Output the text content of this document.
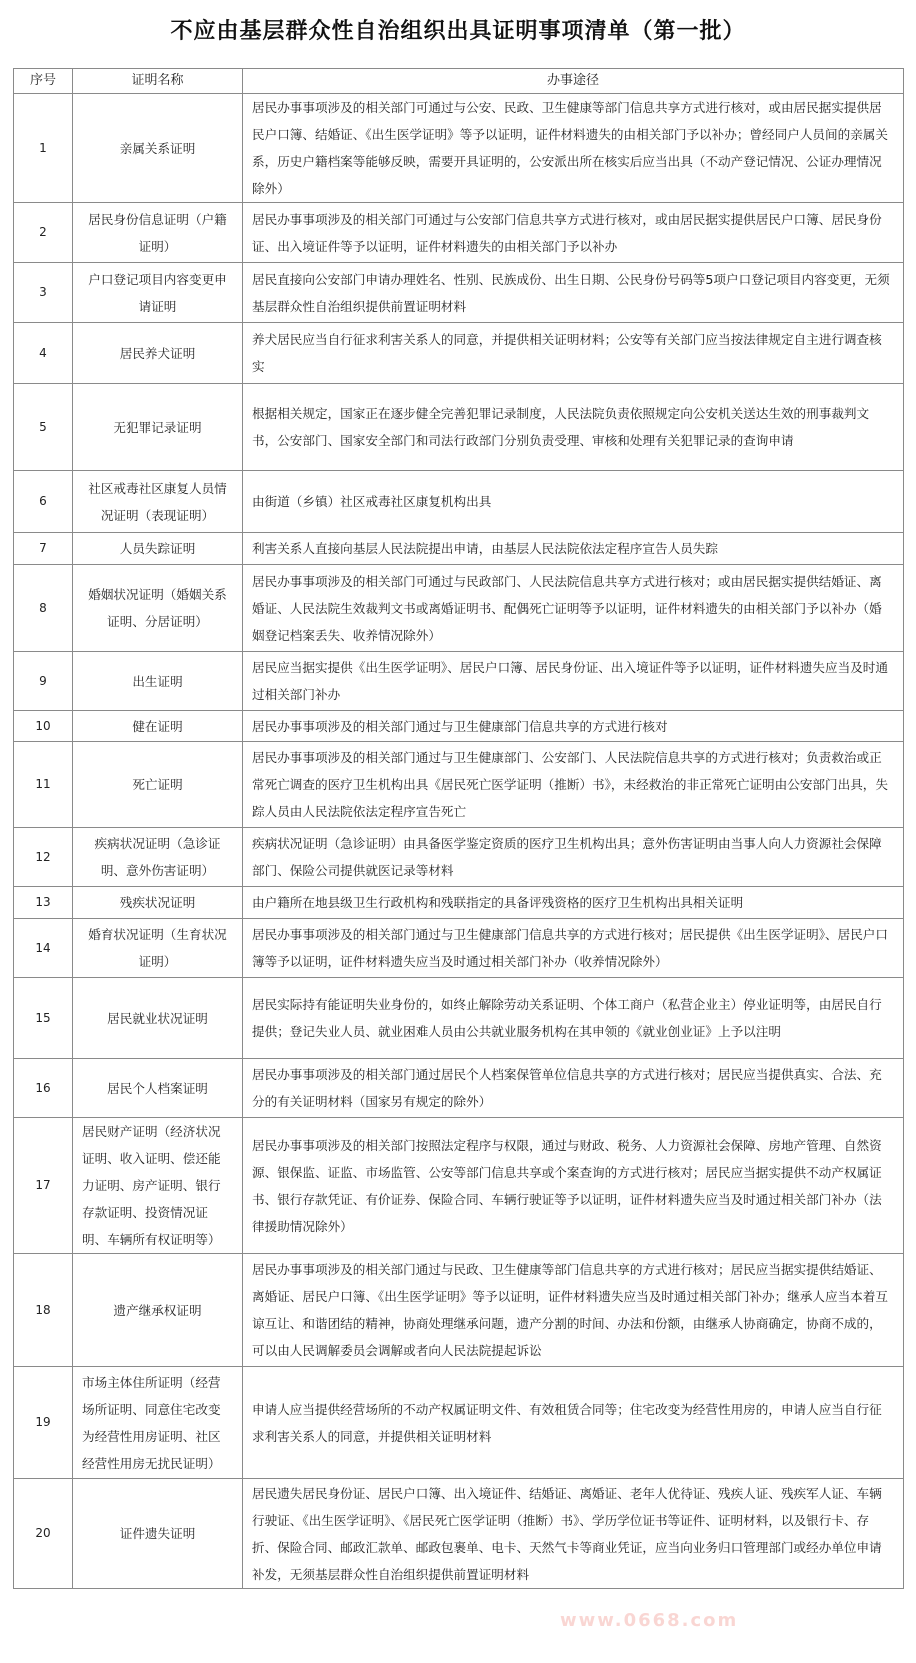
不应由基层群众性自治组织出具证明事项清单（第一批）
序号	证明名称	办事途径
1	亲属关系证明	居民办事事项涉及的相关部门可通过与公安、民政、卫生健康等部门信息共享方式进行核对，或由居民据实提供居民户口簿、结婚证、《出生医学证明》等予以证明，证件材料遗失的由相关部门予以补办；曾经同户人员间的亲属关系，历史户籍档案等能够反映，需要开具证明的，公安派出所在核实后应当出具（不动产登记情况、公证办理情况除外）
2	居民身份信息证明（户籍证明）	居民办事事项涉及的相关部门可通过与公安部门信息共享方式进行核对，或由居民据实提供居民户口簿、居民身份证、出入境证件等予以证明，证件材料遗失的由相关部门予以补办
3	户口登记项目内容变更申请证明	居民直接向公安部门申请办理姓名、性别、民族成份、出生日期、公民身份号码等5项户口登记项目内容变更，无须基层群众性自治组织提供前置证明材料
4	居民养犬证明	养犬居民应当自行征求利害关系人的同意，并提供相关证明材料；公安等有关部门应当按法律规定自主进行调查核实
5	无犯罪记录证明	根据相关规定，国家正在逐步健全完善犯罪记录制度，人民法院负责依照规定向公安机关送达生效的刑事裁判文书，公安部门、国家安全部门和司法行政部门分别负责受理、审核和处理有关犯罪记录的查询申请
6	社区戒毒社区康复人员情况证明（表现证明）	由街道（乡镇）社区戒毒社区康复机构出具
7	人员失踪证明	利害关系人直接向基层人民法院提出申请，由基层人民法院依法定程序宣告人员失踪
8	婚姻状况证明（婚姻关系证明、分居证明）	居民办事事项涉及的相关部门可通过与民政部门、人民法院信息共享方式进行核对；或由居民据实提供结婚证、离婚证、人民法院生效裁判文书或离婚证明书、配偶死亡证明等予以证明，证件材料遗失的由相关部门予以补办（婚姻登记档案丢失、收养情况除外）
9	出生证明	居民应当据实提供《出生医学证明》、居民户口簿、居民身份证、出入境证件等予以证明，证件材料遗失应当及时通过相关部门补办
10	健在证明	居民办事事项涉及的相关部门通过与卫生健康部门信息共享的方式进行核对
11	死亡证明	居民办事事项涉及的相关部门通过与卫生健康部门、公安部门、人民法院信息共享的方式进行核对；负责救治或正常死亡调查的医疗卫生机构出具《居民死亡医学证明（推断）书》，未经救治的非正常死亡证明由公安部门出具，失踪人员由人民法院依法定程序宣告死亡
12	疾病状况证明（急诊证明、意外伤害证明）	疾病状况证明（急诊证明）由具备医学鉴定资质的医疗卫生机构出具；意外伤害证明由当事人向人力资源社会保障部门、保险公司提供就医记录等材料
13	残疾状况证明	由户籍所在地县级卫生行政机构和残联指定的具备评残资格的医疗卫生机构出具相关证明
14	婚育状况证明（生育状况证明）	居民办事事项涉及的相关部门通过与卫生健康部门信息共享的方式进行核对；居民提供《出生医学证明》、居民户口簿等予以证明，证件材料遗失应当及时通过相关部门补办（收养情况除外）
15	居民就业状况证明	居民实际持有能证明失业身份的，如终止解除劳动关系证明、个体工商户（私营企业主）停业证明等，由居民自行提供；登记失业人员、就业困难人员由公共就业服务机构在其申领的《就业创业证》上予以注明
16	居民个人档案证明	居民办事事项涉及的相关部门通过居民个人档案保管单位信息共享的方式进行核对；居民应当提供真实、合法、充分的有关证明材料（国家另有规定的除外）
17	居民财产证明（经济状况证明、收入证明、偿还能力证明、房产证明、银行存款证明、投资情况证明、车辆所有权证明等）	居民办事事项涉及的相关部门按照法定程序与权限，通过与财政、税务、人力资源社会保障、房地产管理、自然资源、银保监、证监、市场监管、公安等部门信息共享或个案查询的方式进行核对；居民应当据实提供不动产权属证书、银行存款凭证、有价证券、保险合同、车辆行驶证等予以证明，证件材料遗失应当及时通过相关部门补办（法律援助情况除外）
18	遗产继承权证明	居民办事事项涉及的相关部门通过与民政、卫生健康等部门信息共享的方式进行核对；居民应当据实提供结婚证、离婚证、居民户口簿、《出生医学证明》等予以证明，证件材料遗失应当及时通过相关部门补办；继承人应当本着互谅互让、和谐团结的精神，协商处理继承问题，遗产分割的时间、办法和份额，由继承人协商确定，协商不成的，可以由人民调解委员会调解或者向人民法院提起诉讼
19	市场主体住所证明（经营场所证明、同意住宅改变为经营性用房证明、社区经营性用房无扰民证明）	申请人应当提供经营场所的不动产权属证明文件、有效租赁合同等；住宅改变为经营性用房的，申请人应当自行征求利害关系人的同意，并提供相关证明材料
20	证件遗失证明	居民遗失居民身份证、居民户口簿、出入境证件、结婚证、离婚证、老年人优待证、残疾人证、残疾军人证、车辆行驶证、《出生医学证明》、《居民死亡医学证明（推断）书》、学历学位证书等证件、证明材料，以及银行卡、存折、保险合同、邮政汇款单、邮政包裹单、电卡、天然气卡等商业凭证，应当向业务归口管理部门或经办单位申请补发，无须基层群众性自治组织提供前置证明材料
www.0668.com
